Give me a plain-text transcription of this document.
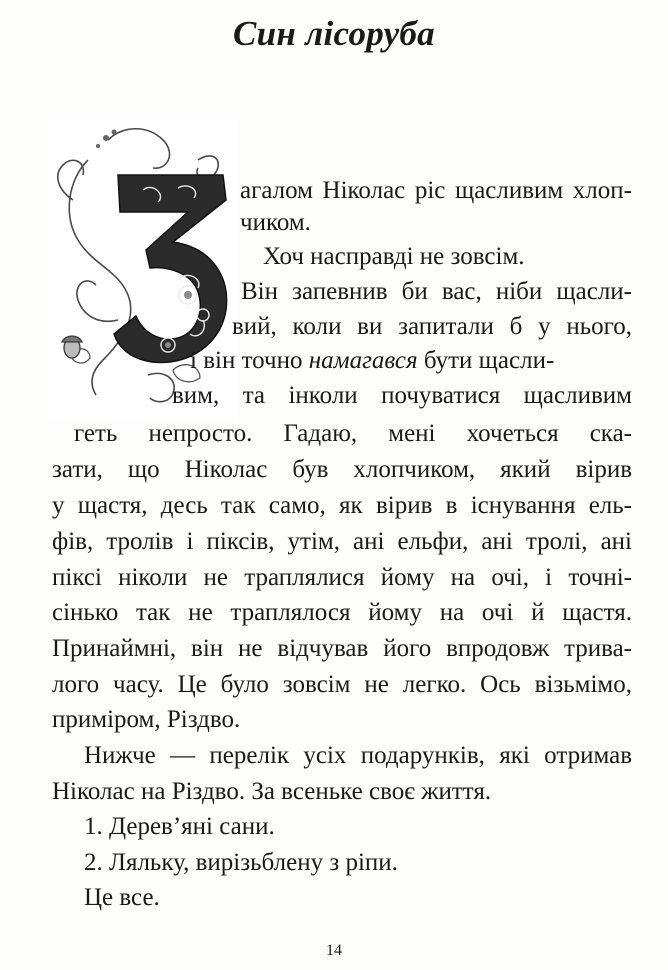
Син лісоруба
агалом Ніколас ріс щасливим хлоп-
чиком.
Хоч насправді не зовсім.
Він запевнив би вас, ніби щасли-
вий, коли ви запитали б у нього,
і він точно намагався бути щасли-
вим, та інколи почуватися щасливим
геть непросто. Гадаю, мені хочеться ска-
зати, що Ніколас був хлопчиком, який вірив
у щастя, десь так само, як вірив в існування ель-
фів, тролів і піксів, утім, ані ельфи, ані тролі, ані
піксі ніколи не траплялися йому на очі, і точні-
сінько так не траплялося йому на очі й щастя.
Принаймні, він не відчував його впродовж трива-
лого часу. Це було зовсім не легко. Ось візьмімо,
приміром, Різдво.
Нижче — перелік усіх подарунків, які отримав
Ніколас на Різдво. За всеньке своє життя.
1. Дерев’яні сани.
2. Ляльку, вирізьблену з ріпи.
Це все.
14
